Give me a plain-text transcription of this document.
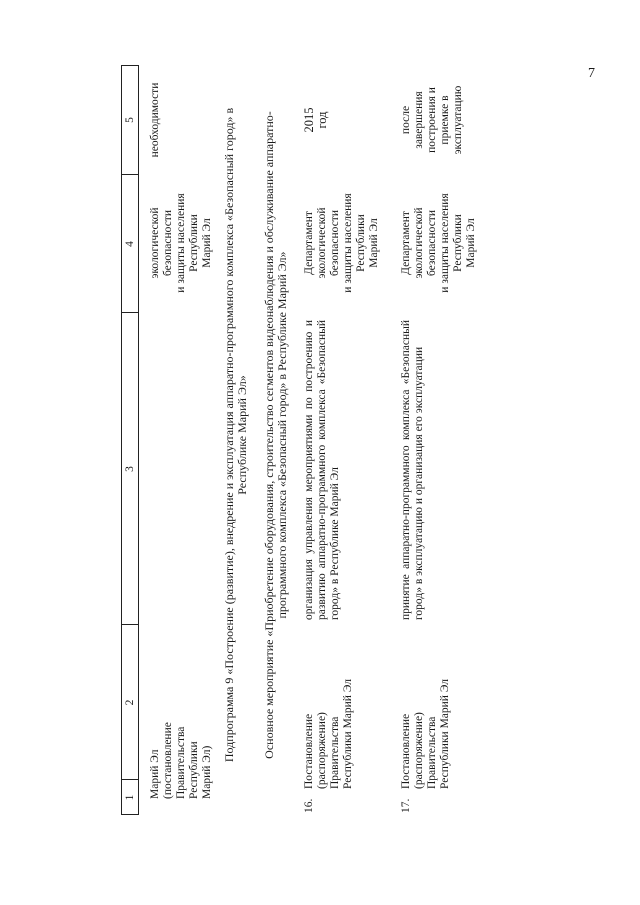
7
1
2
3
4
5
Марий Эл
(постановление
Правительства
Республики
Марий Эл)
экологической
безопасности
и защиты населения
Республики
Марий Эл
необходимости	Подпрограмма 9 «Построение (развитие), внедрение и эксплуатация аппаратно-программного комплекса «Безопасный город» в Республике Марий Эл» Основное мероприятие «Приобретение оборудования, строительство сегментов видеонаблюдения и обслуживание аппаратно-программного комплекса «Безопасный город» в Республике Марий Эл»
16.
Постановление
(распоряжение)
Правительства
Республики Марий Эл
организация управления мероприятиями по построению и развитию аппаратно-программного комплекса «Безопасный город» в Республике Марий Эл
Департамент
экологической
безопасности
и защиты населения
Республики
Марий Эл
2015
год
17.
Постановление
(распоряжение)
Правительства
Республики Марий Эл
принятие аппаратно-программного комплекса «Безопасный город» в эксплуатацию и организация его эксплуатации
Департамент
экологической
безопасности
и защиты населения
Республики
Марий Эл
после
завершения
построения и
приемке в
эксплуатацию
